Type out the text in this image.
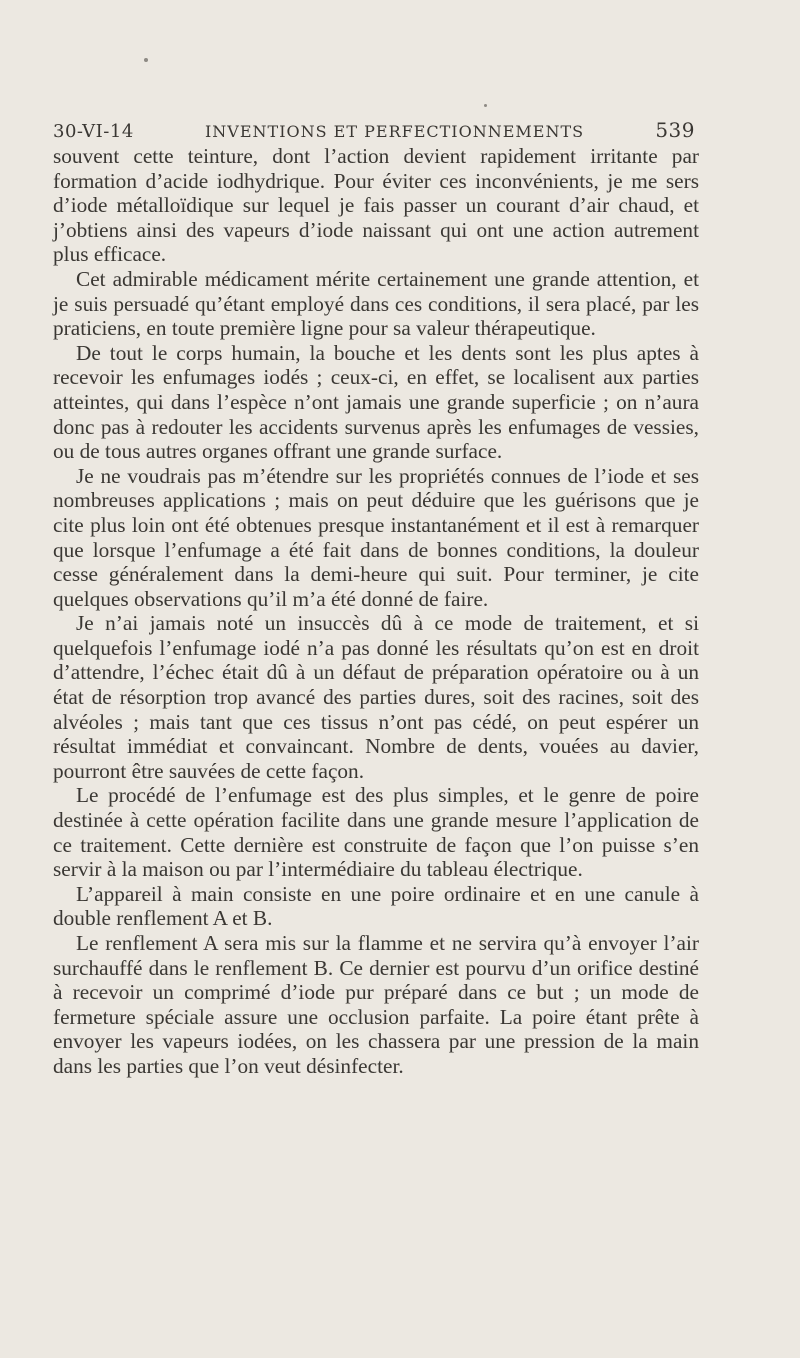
30-VI-14	INVENTIONS ET PERFECTIONNEMENTS	539

souvent cette teinture, dont l’action devient rapidement irritante par formation d’acide iodhydrique. Pour éviter ces inconvénients, je me sers d’iode métalloïdique sur lequel je fais passer un courant d’air chaud, et j’obtiens ainsi des vapeurs d’iode naissant qui ont une action autrement plus efficace.

Cet admirable médicament mérite certainement une grande attention, et je suis persuadé qu’étant employé dans ces conditions, il sera placé, par les praticiens, en toute première ligne pour sa valeur thérapeutique.

De tout le corps humain, la bouche et les dents sont les plus aptes à recevoir les enfumages iodés ; ceux-ci, en effet, se localisent aux parties atteintes, qui dans l’espèce n’ont jamais une grande superficie ; on n’aura donc pas à redouter les accidents survenus après les enfumages de vessies, ou de tous autres organes offrant une grande surface.

Je ne voudrais pas m’étendre sur les propriétés connues de l’iode et ses nombreuses applications ; mais on peut déduire que les guérisons que je cite plus loin ont été obtenues presque instantanément et il est à remarquer que lorsque l’enfumage a été fait dans de bonnes conditions, la douleur cesse généralement dans la demi-heure qui suit. Pour terminer, je cite quelques observations qu’il m’a été donné de faire.

Je n’ai jamais noté un insuccès dû à ce mode de traitement, et si quelquefois l’enfumage iodé n’a pas donné les résultats qu’on est en droit d’attendre, l’échec était dû à un défaut de préparation opératoire ou à un état de résorption trop avancé des parties dures, soit des racines, soit des alvéoles ; mais tant que ces tissus n’ont pas cédé, on peut espérer un résultat immédiat et convaincant. Nombre de dents, vouées au davier, pourront être sauvées de cette façon.

Le procédé de l’enfumage est des plus simples, et le genre de poire destinée à cette opération facilite dans une grande mesure l’application de ce traitement. Cette dernière est construite de façon que l’on puisse s’en servir à la maison ou par l’intermédiaire du tableau électrique.

L’appareil à main consiste en une poire ordinaire et en une canule à double renflement A et B.

Le renflement A sera mis sur la flamme et ne servira qu’à envoyer l’air surchauffé dans le renflement B. Ce dernier est pourvu d’un orifice destiné à recevoir un comprimé d’iode pur préparé dans ce but ; un mode de fermeture spéciale assure une occlusion parfaite. La poire étant prête à envoyer les vapeurs iodées, on les chassera par une pression de la main dans les parties que l’on veut désinfecter.
